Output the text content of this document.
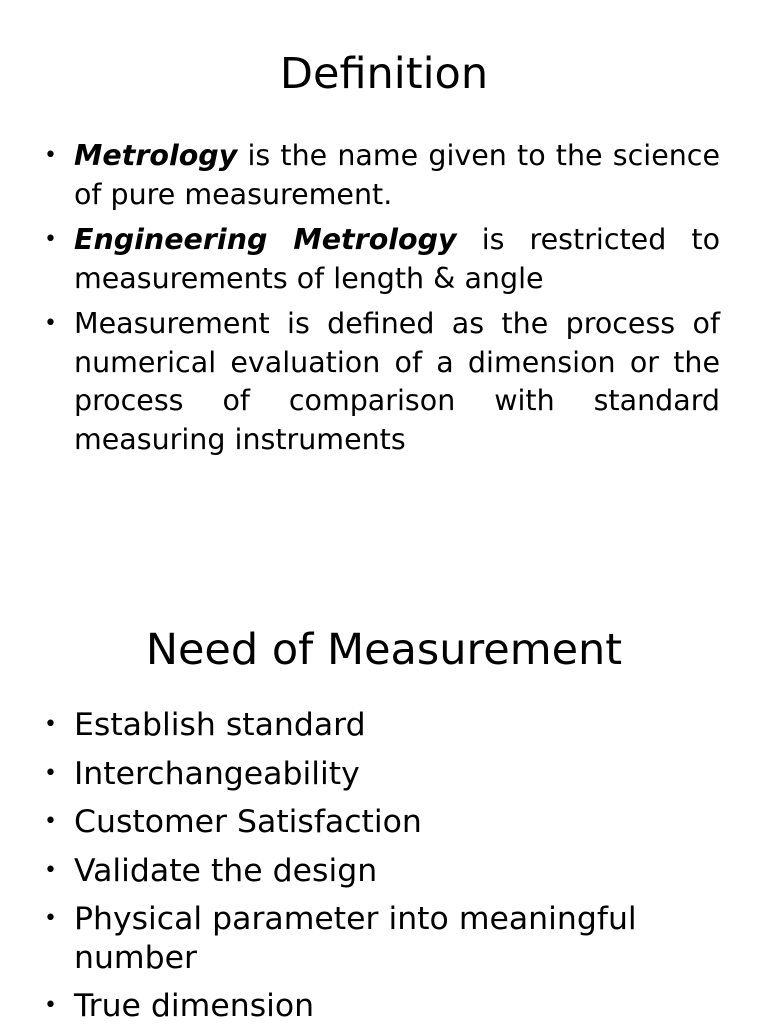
Definition
• Metrology is the name given to the science of pure measurement.
• Engineering Metrology is restricted to measurements of length & angle
• Measurement is defined as the process of numerical evaluation of a dimension or the process of comparison with standard measuring instruments
Need of Measurement
• Establish standard
• Interchangeability
• Customer Satisfaction
• Validate the design
• Physical parameter into meaningful number
• True dimension
